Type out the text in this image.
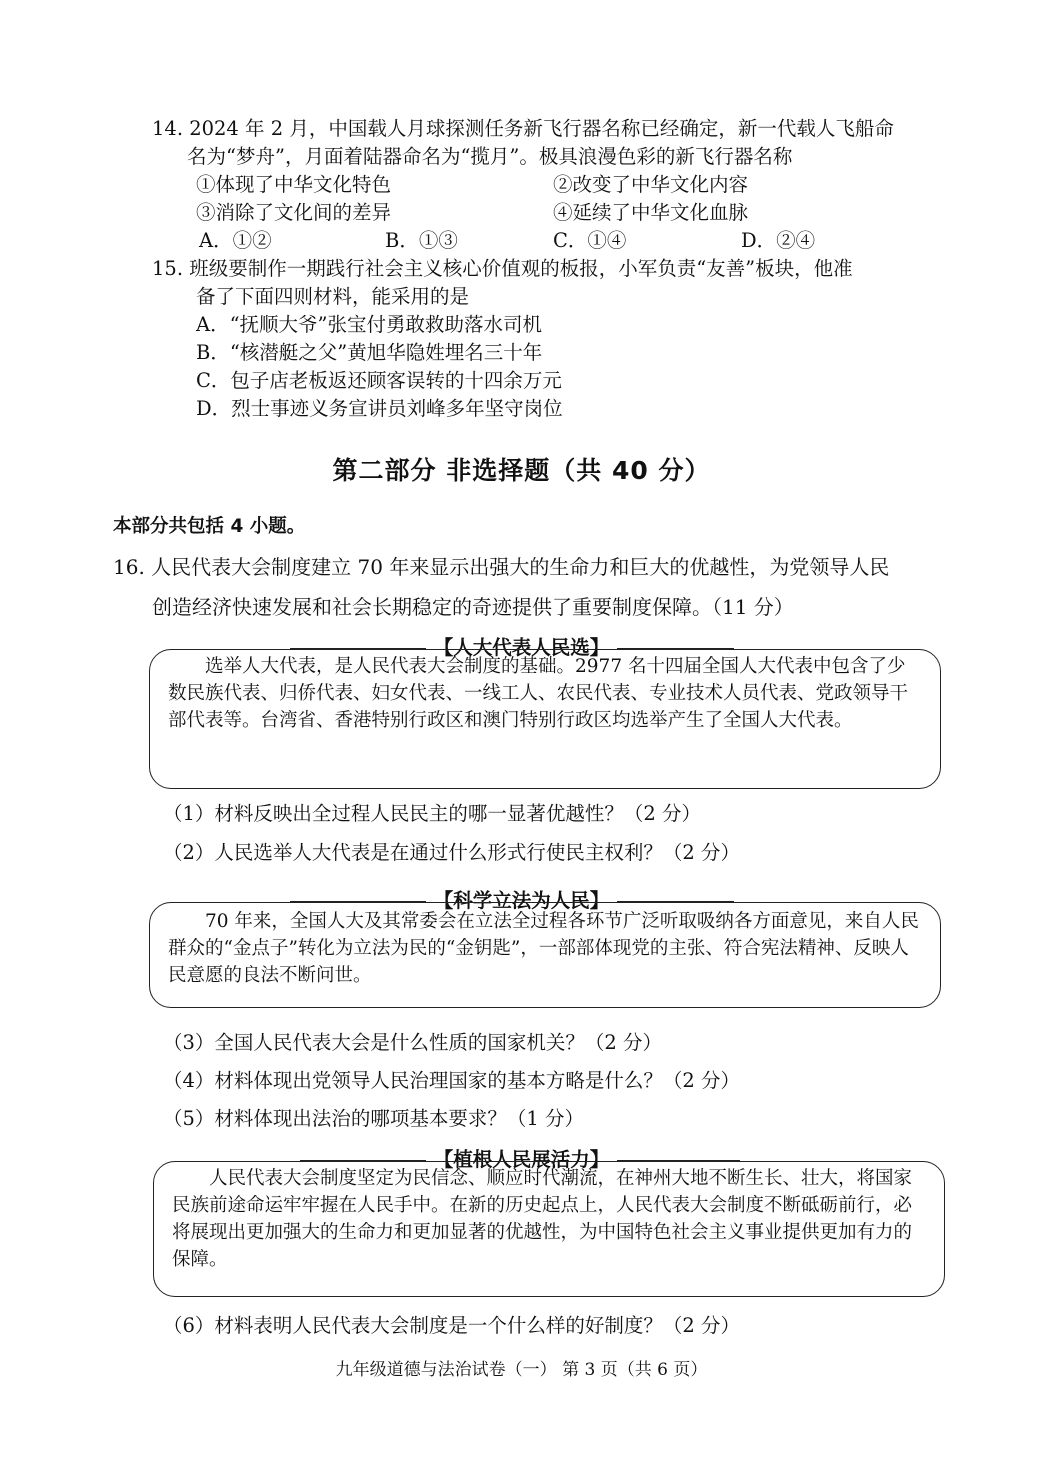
14. 2024 年 2 月，中国载人月球探测任务新飞行器名称已经确定，新一代载人飞船命
名为“梦舟”，月面着陆器命名为“揽月”。极具浪漫色彩的新飞行器名称
①体现了中华文化特色	②改变了中华文化内容
③消除了文化间的差异	④延续了中华文化血脉
A．①②	B．①③	C．①④	D．②④
15. 班级要制作一期践行社会主义核心价值观的板报，小军负责“友善”板块，他准
备了下面四则材料，能采用的是
A．“抚顺大爷”张宝付勇敢救助落水司机
B．“核潜艇之父”黄旭华隐姓埋名三十年
C．包子店老板返还顾客误转的十四余万元
D．烈士事迹义务宣讲员刘峰多年坚守岗位
第二部分 非选择题（共 40 分）
本部分共包括 4 小题。
16. 人民代表大会制度建立 70 年来显示出强大的生命力和巨大的优越性，为党领导人民
创造经济快速发展和社会长期稳定的奇迹提供了重要制度保障。（11 分）
【人大代表人民选】
选举人大代表，是人民代表大会制度的基础。2977 名十四届全国人大代表中包含了少数民族代表、归侨代表、妇女代表、一线工人、农民代表、专业技术人员代表、党政领导干部代表等。台湾省、香港特别行政区和澳门特别行政区均选举产生了全国人大代表。
（1）材料反映出全过程人民民主的哪一显著优越性？（2 分）
（2）人民选举人大代表是在通过什么形式行使民主权利？（2 分）
【科学立法为人民】
70 年来，全国人大及其常委会在立法全过程各环节广泛听取吸纳各方面意见，来自人民群众的“金点子”转化为立法为民的“金钥匙”，一部部体现党的主张、符合宪法精神、反映人民意愿的良法不断问世。
（3）全国人民代表大会是什么性质的国家机关？（2 分）
（4）材料体现出党领导人民治理国家的基本方略是什么？（2 分）
（5）材料体现出法治的哪项基本要求？（1 分）
【植根人民展活力】
人民代表大会制度坚定为民信念、顺应时代潮流，在神州大地不断生长、壮大，将国家民族前途命运牢牢握在人民手中。在新的历史起点上，人民代表大会制度不断砥砺前行，必将展现出更加强大的生命力和更加显著的优越性，为中国特色社会主义事业提供更加有力的保障。
（6）材料表明人民代表大会制度是一个什么样的好制度？（2 分）
九年级道德与法治试卷（一） 第 3 页（共 6 页）
